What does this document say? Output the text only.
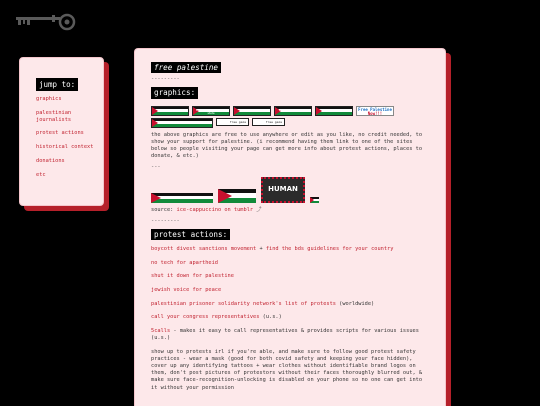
jump to:
graphics
palestinian journalists
protest actions
historical context
donations
etc
free palestine
---------
graphics:
free gaza	boycott the apartheid state
free palestine	stand with palestine	free palestine	Free Palestine
Now!!!
free palestine	free gaza	free gaza

the above graphics are free to use anywhere or edit as you like, no credit needed, to show your support for palestine. (i recommend having them link to one of the sites below so people visiting your page can get more info about protest actions, places to donate, & etc.)

---
HUMAN

source: ice-cappuccino on tumblr ⤴

---------
protest actions:

boycott divest sanctions movement + find the bds guidelines for your country

no tech for apartheid

shut it down for palestine

jewish voice for peace

palestinian prisoner solidarity network's list of protests (worldwide)

call your congress representatives (u.s.)

5calls - makes it easy to call representatives & provides scripts for various issues (u.s.)

show up to protests irl if you're able, and make sure to follow good protest safety practices - wear a mask (good for both covid safety and keeping your face hidden), cover up any identifying tattoos + wear clothes without identifiable brand logos on them, don't post pictures of protestors without their faces thoroughly blurred out, & make sure face-recognition-unlocking is disabled on your phone so no one can get into it without your permission
